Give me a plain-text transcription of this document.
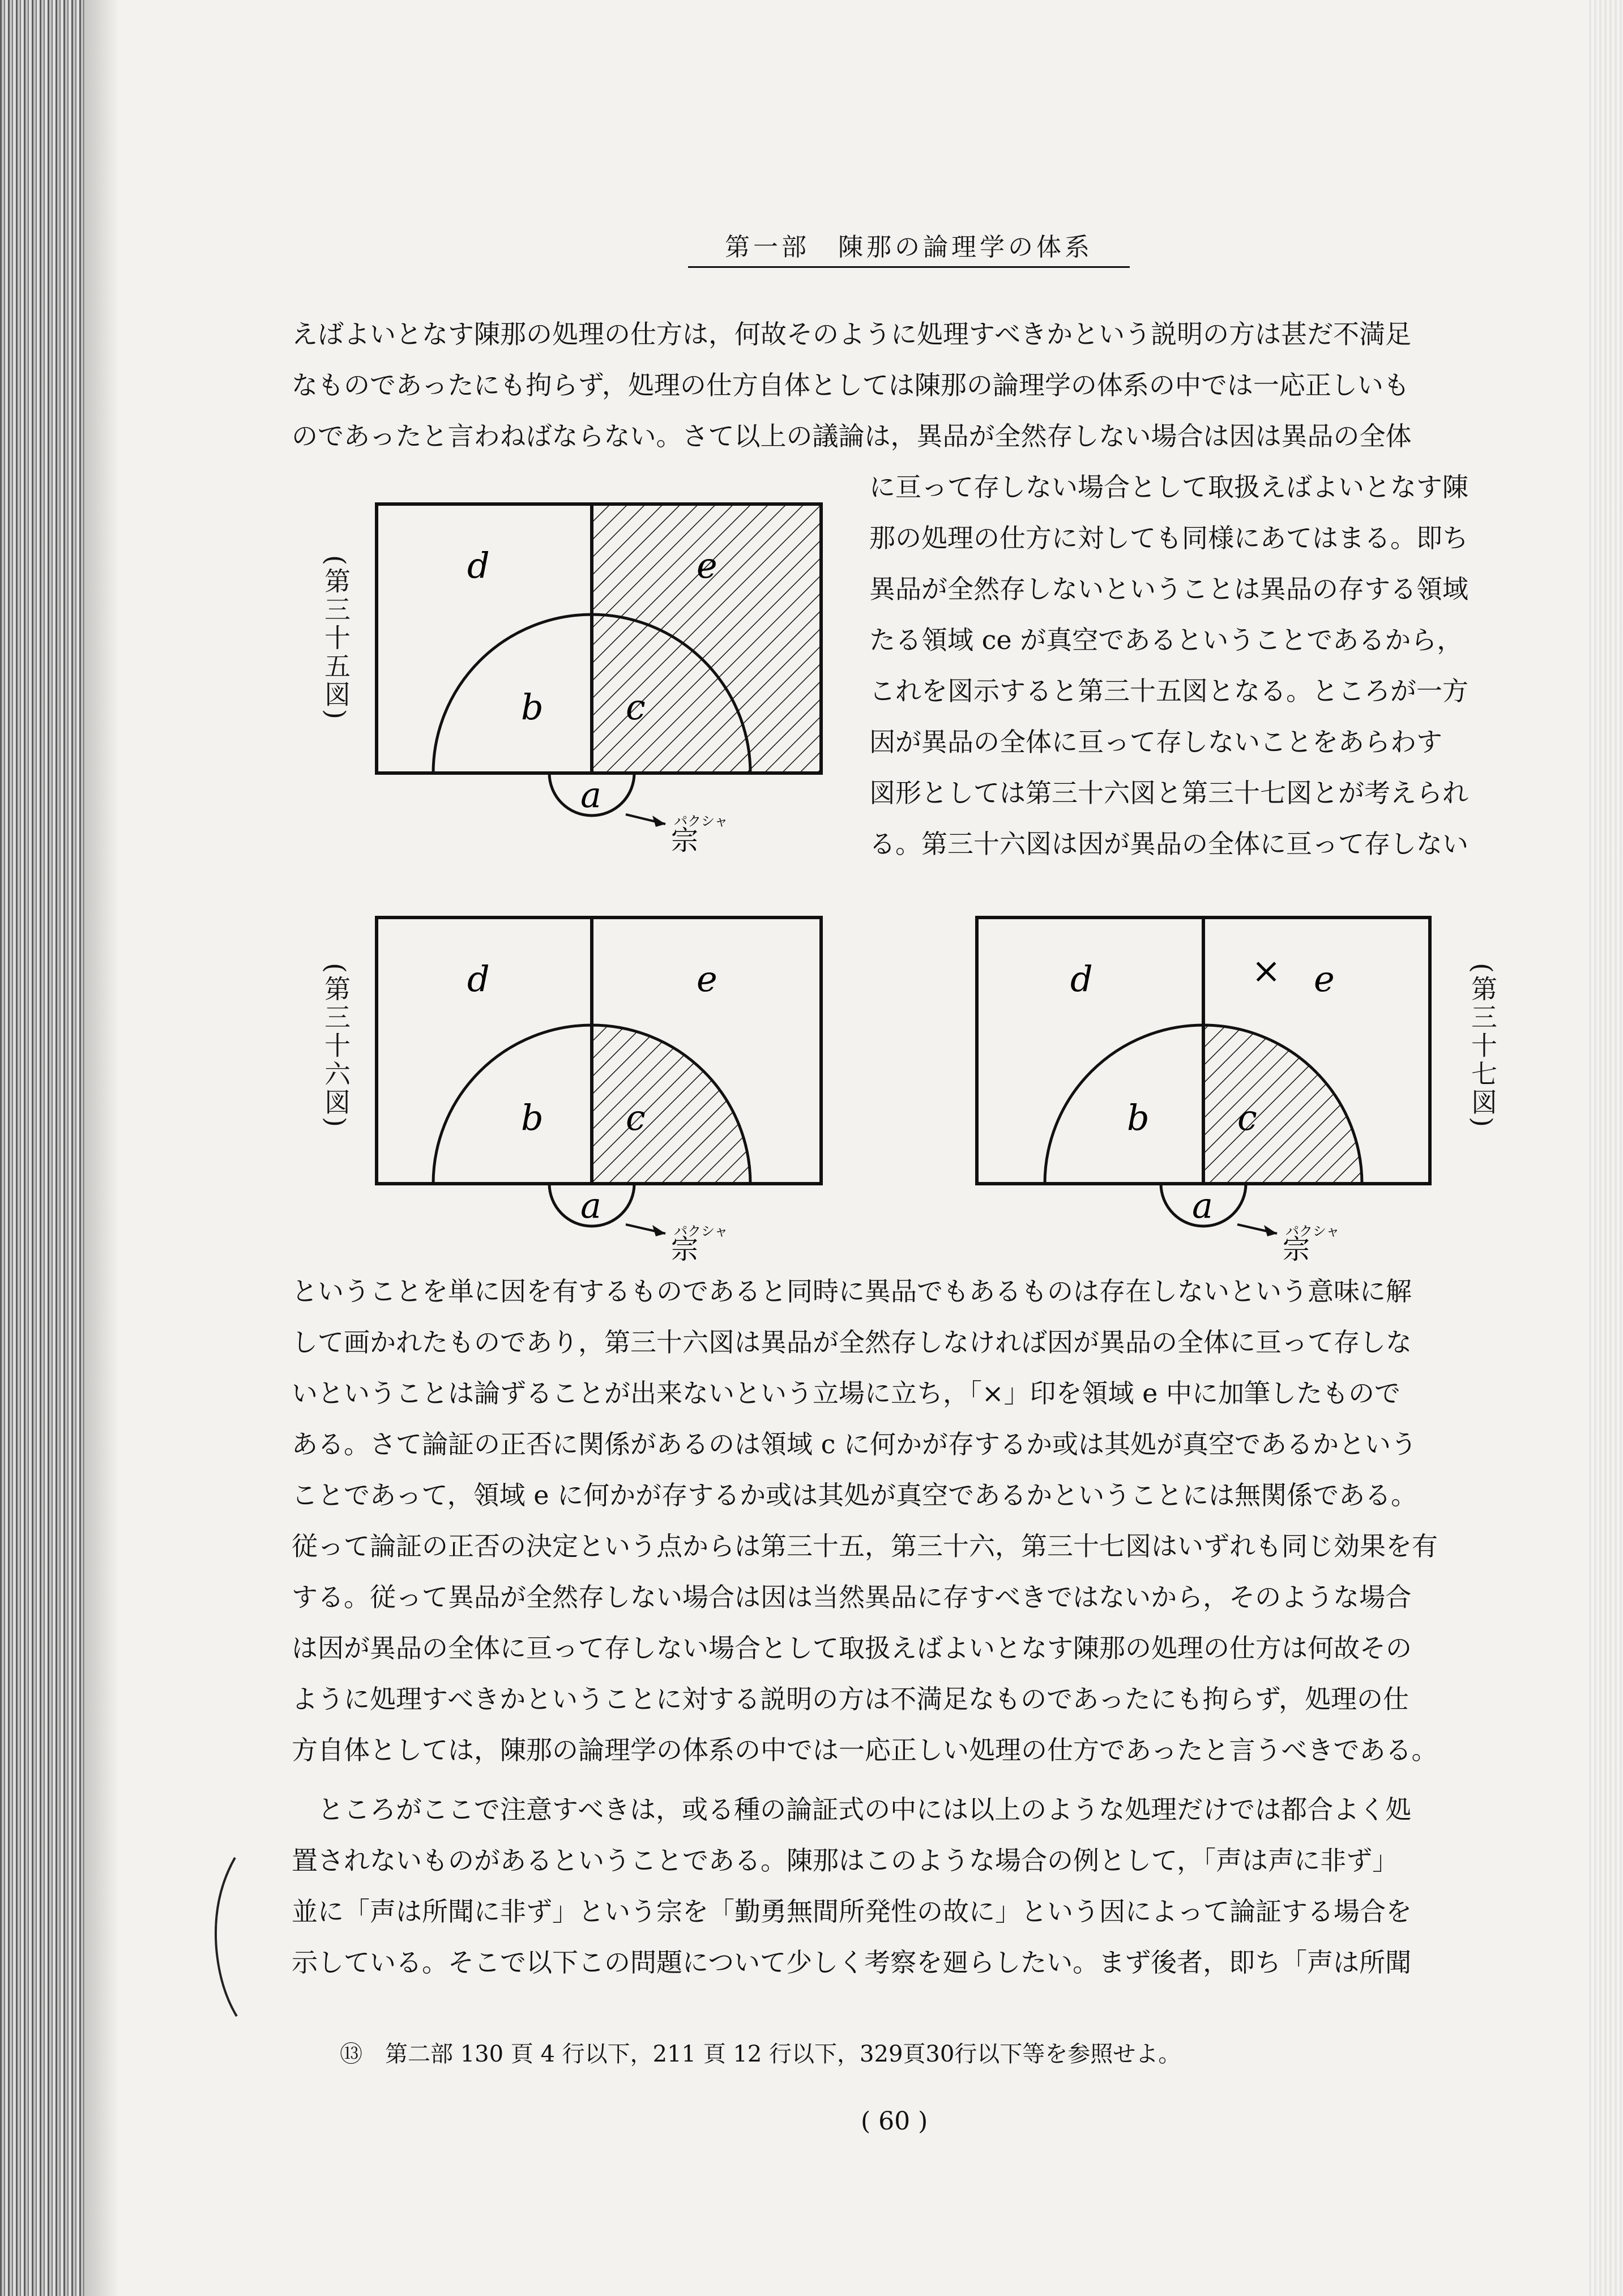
第一部　陳那の論理学の体系
えばよいとなす陳那の処理の仕方は，何故そのように処理すべきかという説明の方は甚だ不満足
なものであったにも拘らず，処理の仕方自体としては陳那の論理学の体系の中では一応正しいも
のであったと言わねばならない。さて以上の議論は，異品が全然存しない場合は因は異品の全体
に亘って存しない場合として取扱えばよいとなす陳
那の処理の仕方に対しても同様にあてはまる。即ち
異品が全然存しないということは異品の存する領域
たる領域 ce が真空であるということであるから，
これを図示すると第三十五図となる。ところが一方
因が異品の全体に亘って存しないことをあらわす
図形としては第三十六図と第三十七図とが考えられ
る。第三十六図は因が異品の全体に亘って存しない
(第三十五図)	d	e
b c
a
パクシャ
宗
(第三十六図)	d	e
b c
a
パクシャ
宗
d	× e
b	c
a
パクシャ
宗
(第三十七図)
ということを単に因を有するものであると同時に異品でもあるものは存在しないという意味に解
して画かれたものであり，第三十六図は異品が全然存しなければ因が異品の全体に亘って存しな
いということは論ずることが出来ないという立場に立ち，「×」印を領域 e 中に加筆したもので
ある。さて論証の正否に関係があるのは領域 c に何かが存するか或は其処が真空であるかという
ことであって，領域 e に何かが存するか或は其処が真空であるかということには無関係である。
従って論証の正否の決定という点からは第三十五，第三十六，第三十七図はいずれも同じ効果を有
する。従って異品が全然存しない場合は因は当然異品に存すべきではないから，そのような場合
は因が異品の全体に亘って存しない場合として取扱えばよいとなす陳那の処理の仕方は何故その
ように処理すべきかということに対する説明の方は不満足なものであったにも拘らず，処理の仕
方自体としては，陳那の論理学の体系の中では一応正しい処理の仕方であったと言うべきである。
　ところがここで注意すべきは，或る種の論証式の中には以上のような処理だけでは都合よく処
置されないものがあるということである。陳那はこのような場合の例として，「声は声に非ず」
並に「声は所聞に非ず」という宗を「勤勇無間所発性の故に」という因によって論証する場合を
示している。そこで以下この問題について少しく考察を廻らしたい。まず後者，即ち「声は所聞
⑬　第二部 130 頁 4 行以下，211 頁 12 行以下，329頁30行以下等を参照せよ。
( 60 )
